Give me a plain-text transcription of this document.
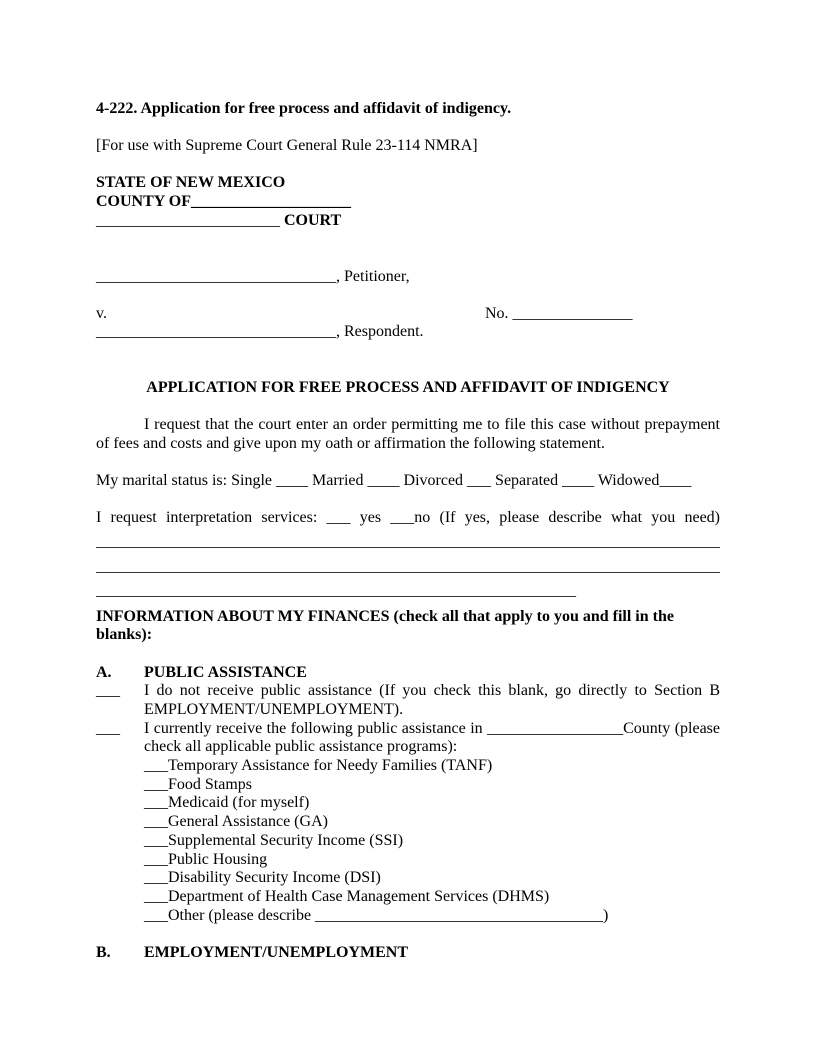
4-222. Application for free process and affidavit of indigency.
[For use with Supreme Court General Rule 23-114 NMRA]
STATE OF NEW MEXICO
COUNTY OF____________________
_______________________ COURT
______________________________, Petitioner,
v.	No. _______________
______________________________, Respondent.
APPLICATION FOR FREE PROCESS AND AFFIDAVIT OF INDIGENCY
I request that the court enter an order permitting me to file this case without prepayment of fees and costs and give upon my oath or affirmation the following statement.
My marital status is: Single ____ Married ____ Divorced ___ Separated ____ Widowed____
I request interpretation services: ___ yes ___no (If yes, please describe what you need)
______________________________________________________________________________
______________________________________________________________________________
____________________________________________________________
INFORMATION ABOUT MY FINANCES (check all that apply to you and fill in the blanks):
A.	PUBLIC ASSISTANCE
___	I do not receive public assistance (If you check this blank, go directly to Section B EMPLOYMENT/UNEMPLOYMENT).
___	I currently receive the following public assistance in _________________County (please check all applicable public assistance programs):
___Temporary Assistance for Needy Families (TANF)
___Food Stamps
___Medicaid (for myself)
___General Assistance (GA)
___Supplemental Security Income (SSI)
___Public Housing
___Disability Security Income (DSI)
___Department of Health Case Management Services (DHMS)
___Other (please describe ____________________________________)
B.	EMPLOYMENT/UNEMPLOYMENT
